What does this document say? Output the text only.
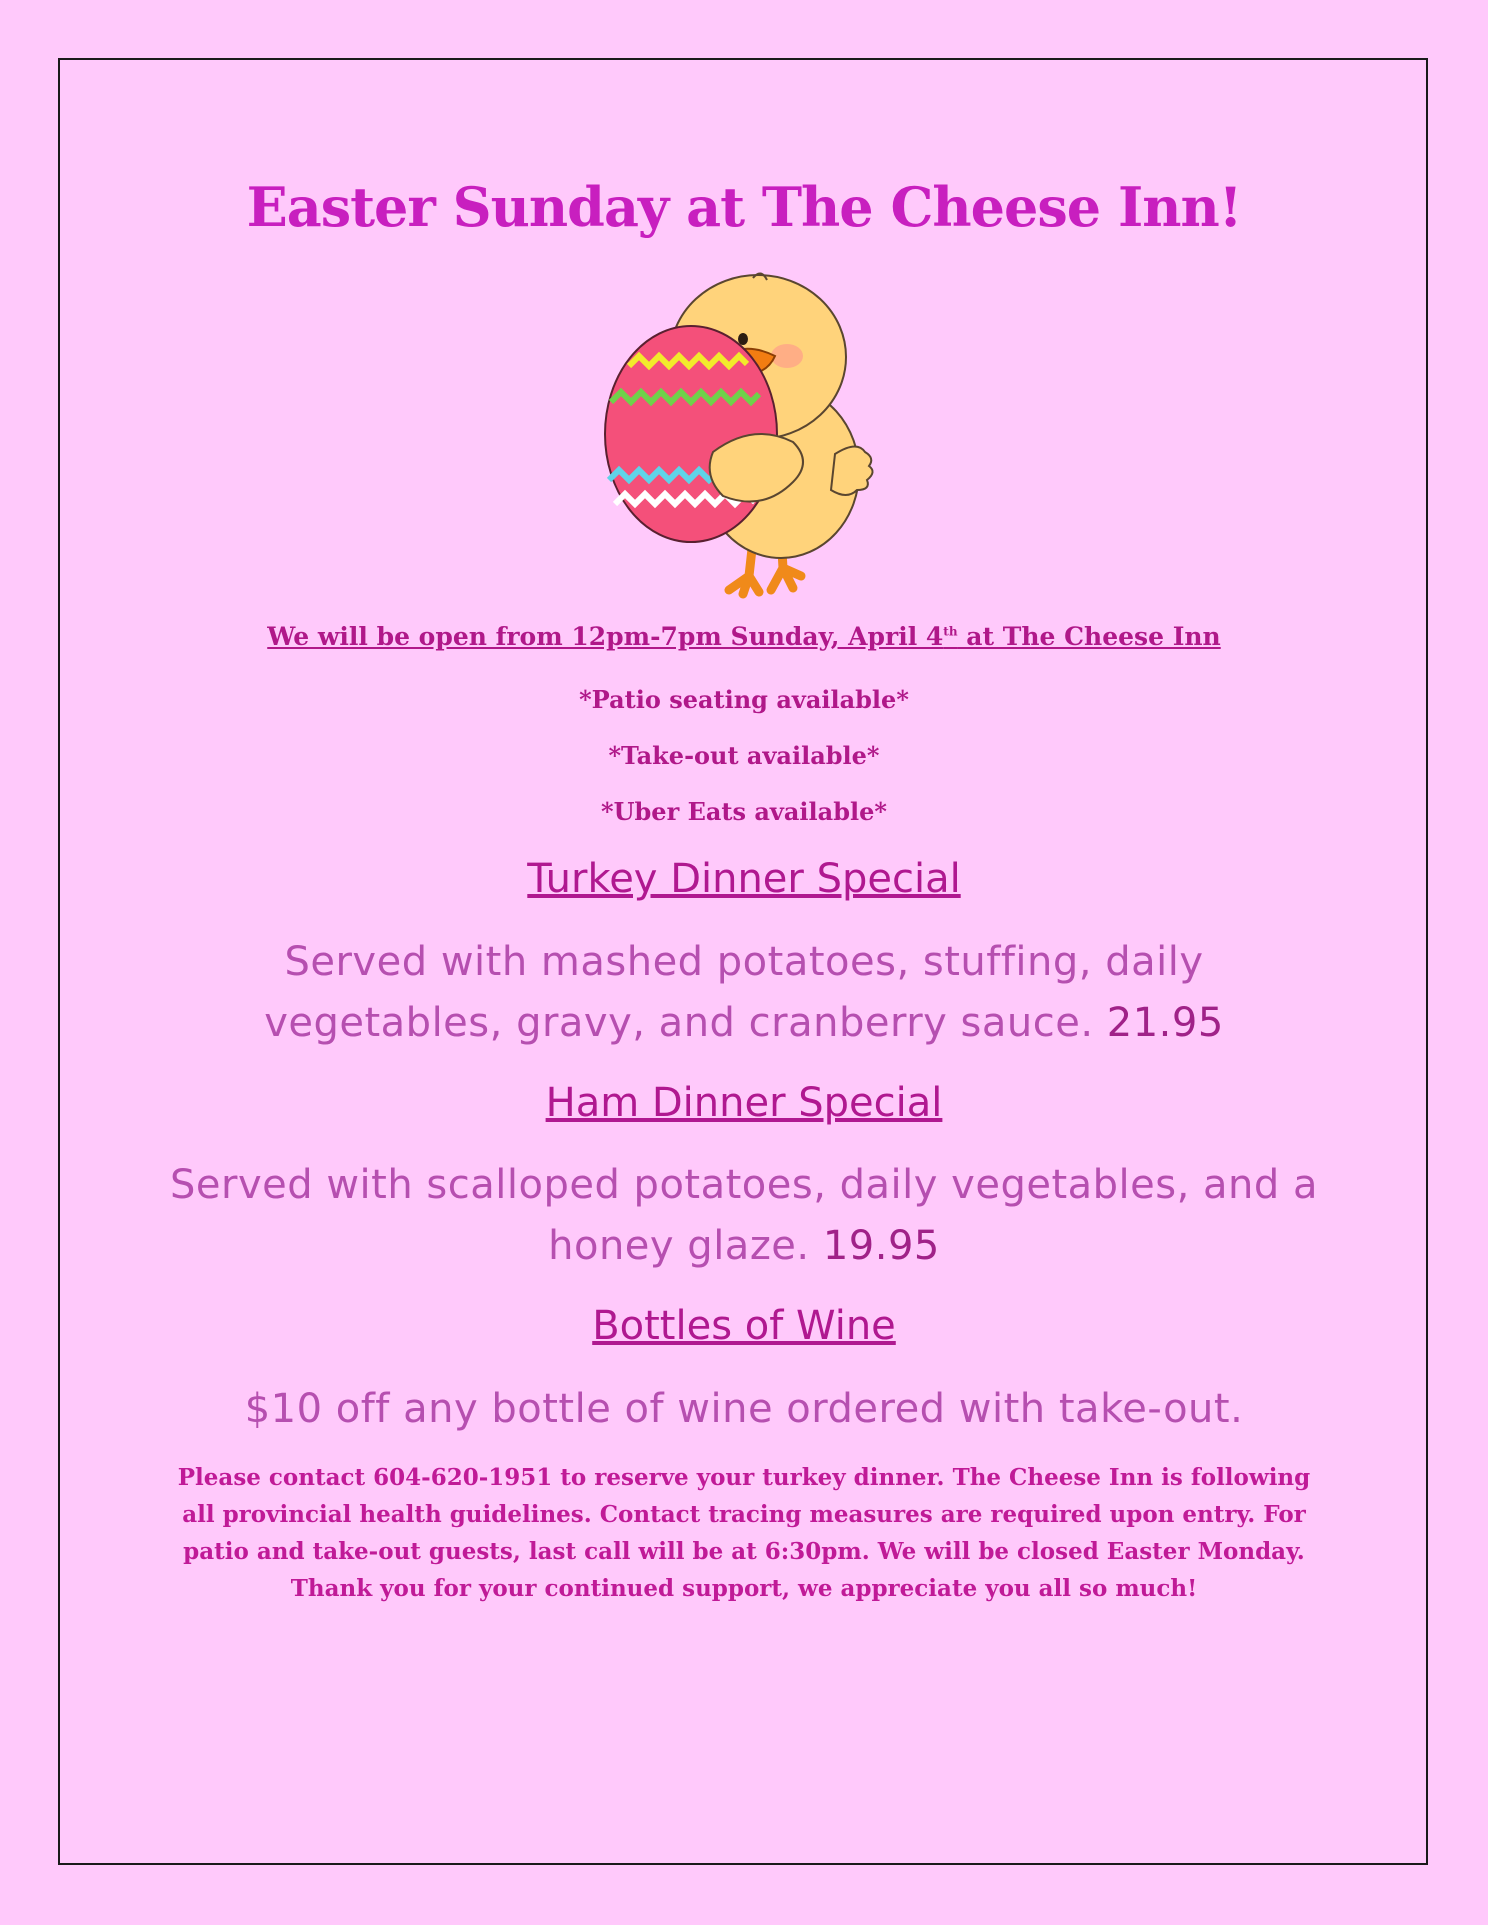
Easter Sunday at The Cheese Inn!
We will be open from 12pm-7pm Sunday, April 4th at The Cheese Inn
*Patio seating available*
*Take-out available*
*Uber Eats available*
Turkey Dinner Special
Served with mashed potatoes, stuffing, daily vegetables, gravy, and cranberry sauce. 21.95
Ham Dinner Special
Served with scalloped potatoes, daily vegetables, and a honey glaze. 19.95
Bottles of Wine
$10 off any bottle of wine ordered with take-out.
Please contact 604-620-1951 to reserve your turkey dinner. The Cheese Inn is following all provincial health guidelines. Contact tracing measures are required upon entry. For patio and take-out guests, last call will be at 6:30pm. We will be closed Easter Monday. Thank you for your continued support, we appreciate you all so much!
